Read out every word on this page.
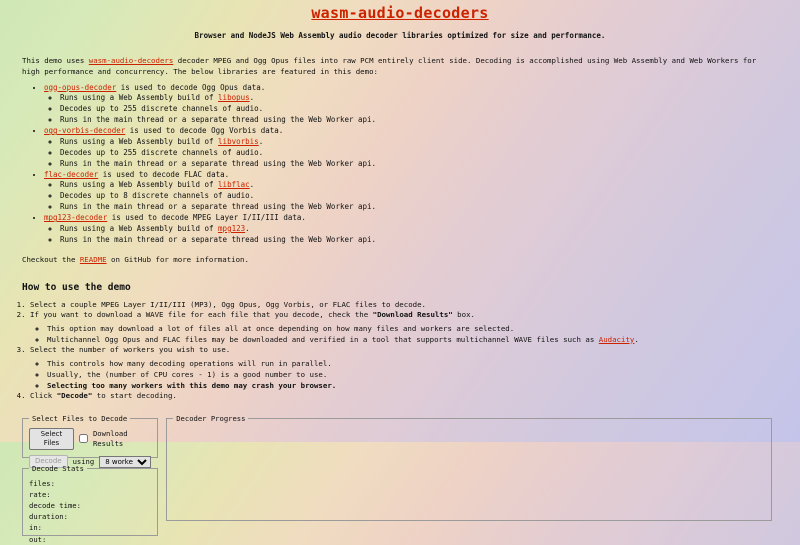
wasm-audio-decoders
Browser and NodeJS Web Assembly audio decoder libraries optimized for size and performance.
This demo uses wasm-audio-decoders decoder MPEG and Ogg Opus files into raw PCM entirely client side. Decoding is accomplished using Web Assembly and Web Workers for high performance and concurrency. The below libraries are featured in this demo:
• ogg-opus-decoder is used to decode Ogg Opus data.
◦ Runs using a Web Assembly build of libopus.
◦ Decodes up to 255 discrete channels of audio.
◦ Runs in the main thread or a separate thread using the Web Worker api.
• ogg-vorbis-decoder is used to decode Ogg Vorbis data.
◦ Runs using a Web Assembly build of libvorbis.
◦ Decodes up to 255 discrete channels of audio.
◦ Runs in the main thread or a separate thread using the Web Worker api.
• flac-decoder is used to decode FLAC data.
◦ Runs using a Web Assembly build of libflac.
◦ Decodes up to 8 discrete channels of audio.
◦ Runs in the main thread or a separate thread using the Web Worker api.
• mpg123-decoder is used to decode MPEG Layer I/II/III data.
◦ Runs using a Web Assembly build of mpg123.
◦ Runs in the main thread or a separate thread using the Web Worker api.
Checkout the README on GitHub for more information.
How to use the demo
1. Select a couple MPEG Layer I/II/III (MP3), Ogg Opus, Ogg Vorbis, or FLAC files to decode.
2. If you want to download a WAVE file for each file that you decode, check the "Download Results" box.
◦ This option may download a lot of files all at once depending on how many files and workers are selected.
◦ Multichannel Ogg Opus and FLAC files may be downloaded and verified in a tool that supports multichannel WAVE files such as Audacity.
3. Select the number of workers you wish to use.
◦ This controls how many decoding operations will run in parallel.
◦ Usually, the (number of CPU cores - 1) is a good number to use.
◦ Selecting too many workers with this demo may crash your browser.
4. Click "Decode" to start decoding.
Select Files to Decode
Select Files
Download Results
Decode	using
8 workers
Decode Stats
files:
rate:
decode time:
duration:
in:
out:
Decoder Progress
